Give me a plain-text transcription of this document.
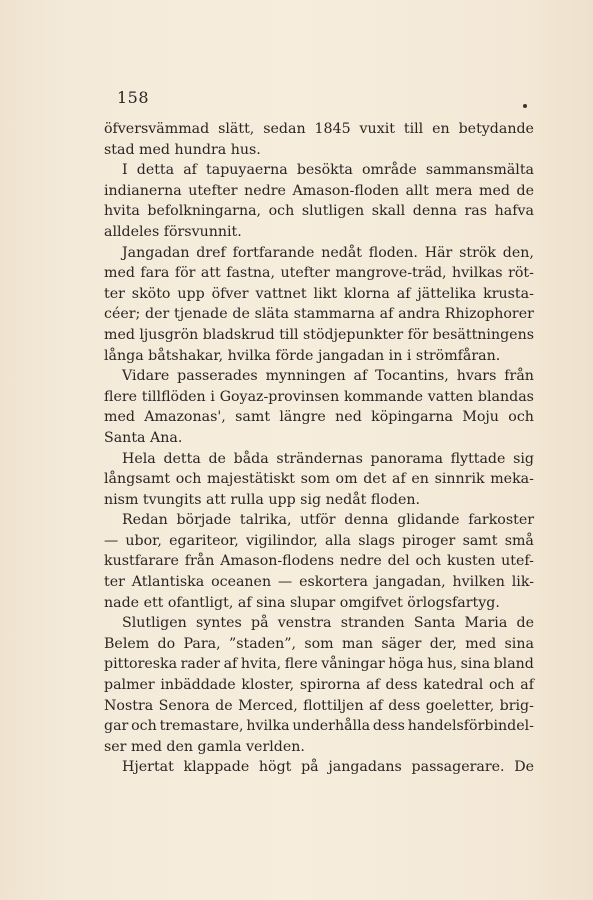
158
öfversvämmad slätt, sedan 1845 vuxit till en betydande
stad med hundra hus.
I detta af tapuyaerna besökta område sammansmälta
indianerna utefter nedre Amason-floden allt mera med de
hvita befolkningarna, och slutligen skall denna ras hafva
alldeles försvunnit.
Jangadan dref fortfarande nedåt floden. Här strök den,
med fara för att fastna, utefter mangrove-träd, hvilkas röt-
ter sköto upp öfver vattnet likt klorna af jättelika krusta-
céer; der tjenade de släta stammarna af andra Rhizophorer
med ljusgrön bladskrud till stödjepunkter för besättningens
långa båtshakar, hvilka förde jangadan in i strömfåran.
Vidare passerades mynningen af Tocantins, hvars från
flere tillflöden i Goyaz-provinsen kommande vatten blandas
med Amazonas', samt längre ned köpingarna Moju och
Santa Ana.
Hela detta de båda strändernas panorama flyttade sig
långsamt och majestätiskt som om det af en sinnrik meka-
nism tvungits att rulla upp sig nedåt floden.
Redan började talrika, utför denna glidande farkoster
— ubor, egariteor, vigilindor, alla slags piroger samt små
kustfarare från Amason-flodens nedre del och kusten utef-
ter Atlantiska oceanen — eskortera jangadan, hvilken lik-
nade ett ofantligt, af sina slupar omgifvet örlogsfartyg.
Slutligen syntes på venstra stranden Santa Maria de
Belem do Para, ”staden”, som man säger der, med sina
pittoreska rader af hvita, flere våningar höga hus, sina bland
palmer inbäddade kloster, spirorna af dess katedral och af
Nostra Senora de Merced, flottiljen af dess goeletter, brig-
gar och tremastare, hvilka underhålla dess handelsförbindel-
ser med den gamla verlden.
Hjertat klappade högt på jangadans passagerare. De
